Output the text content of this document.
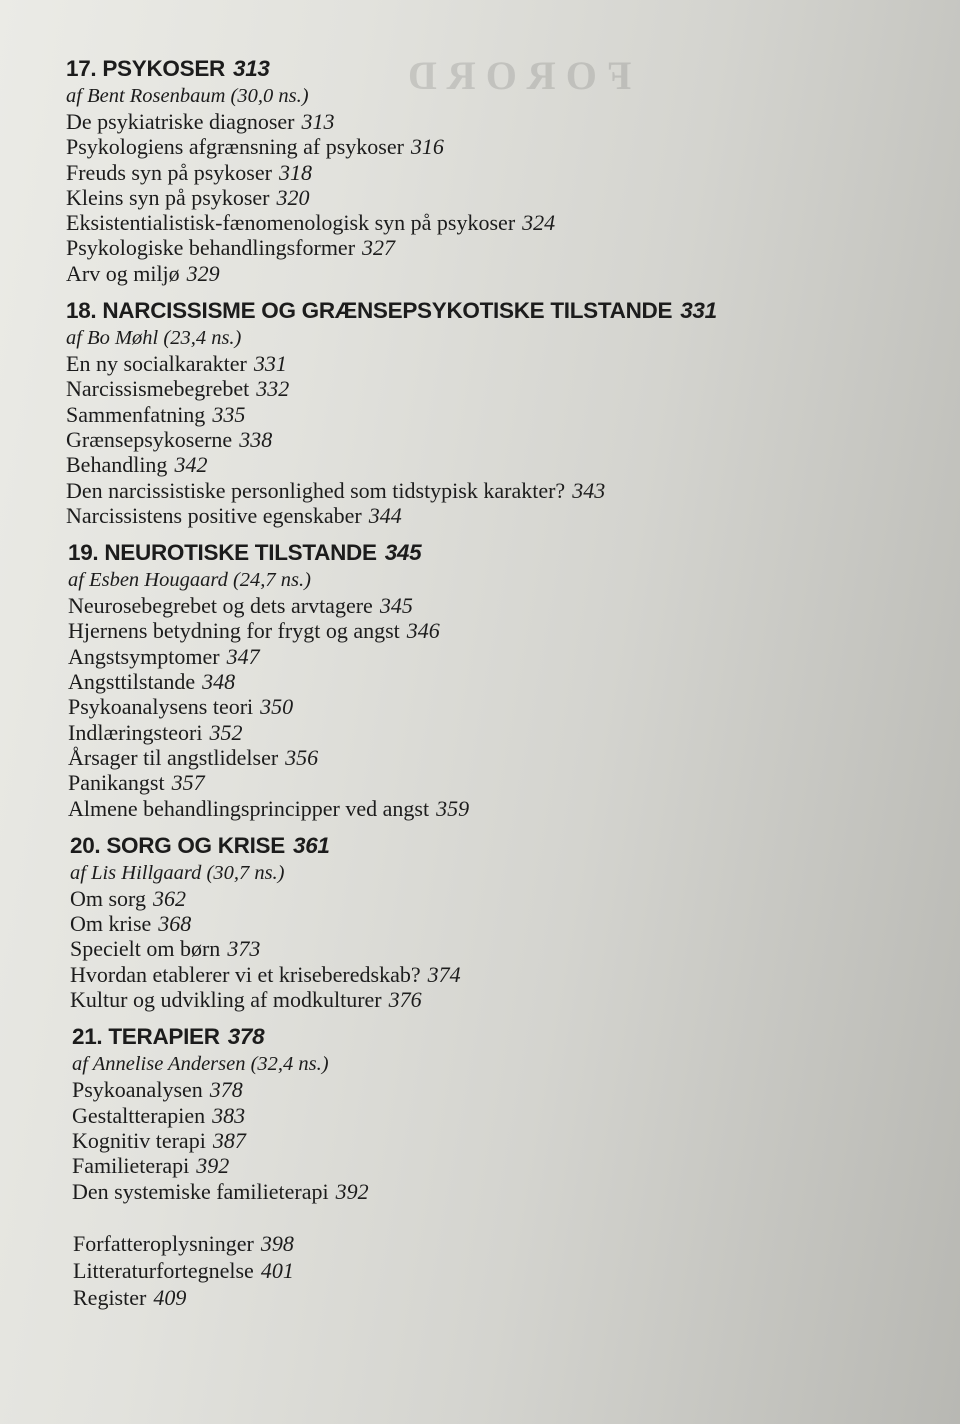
FORORD
17. PSYKOSER 313
af Bent Rosenbaum (30,0 ns.)
De psykiatriske diagnoser 313
Psykologiens afgrænsning af psykoser 316
Freuds syn på psykoser 318
Kleins syn på psykoser 320
Eksistentialistisk-fænomenologisk syn på psykoser 324
Psykologiske behandlingsformer 327
Arv og miljø 329
18. NARCISSISME OG GRÆNSEPSYKOTISKE TILSTANDE 331
af Bo Møhl (23,4 ns.)
En ny socialkarakter 331
Narcissismebegrebet 332
Sammenfatning 335
Grænsepsykoserne 338
Behandling 342
Den narcissistiske personlighed som tidstypisk karakter? 343
Narcissistens positive egenskaber 344
19. NEUROTISKE TILSTANDE 345
af Esben Hougaard (24,7 ns.)
Neurosebegrebet og dets arvtagere 345
Hjernens betydning for frygt og angst 346
Angstsymptomer 347
Angsttilstande 348
Psykoanalysens teori 350
Indlæringsteori 352
Årsager til angstlidelser 356
Panikangst 357
Almene behandlingsprincipper ved angst 359
20. SORG OG KRISE 361
af Lis Hillgaard (30,7 ns.)
Om sorg 362
Om krise 368
Specielt om børn 373
Hvordan etablerer vi et kriseberedskab? 374
Kultur og udvikling af modkulturer 376
21. TERAPIER 378
af Annelise Andersen (32,4 ns.)
Psykoanalysen 378
Gestaltterapien 383
Kognitiv terapi 387
Familieterapi 392
Den systemiske familieterapi 392
Forfatteroplysninger 398
Litteraturfortegnelse 401
Register 409
